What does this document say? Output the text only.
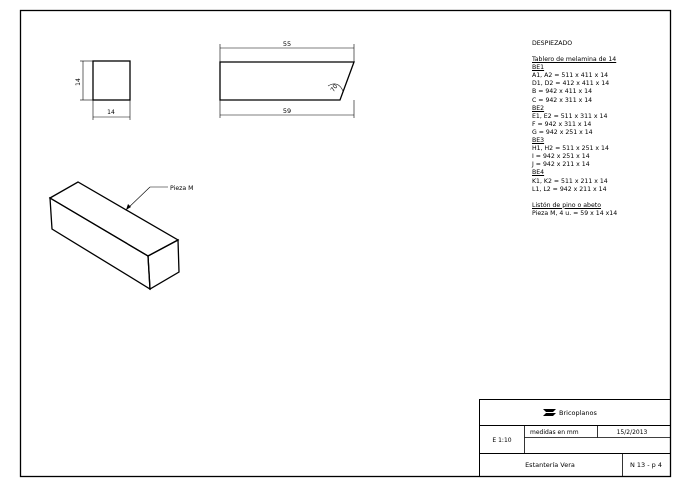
14
14
55
59
70
Pieza M
Bricoplanos
E 1:10
medidas en mm	15/2/2013
Estantería Vera	N 13 - p 4
DESPIEZADO
Tablero de melamina de 14
BE1
A1, A2 = 511 x 411 x 14
D1, D2 = 412 x 411 x 14
B = 942 x 411 x 14
C = 942 x 311 x 14
BE2
E1, E2 = 511 x 311 x 14
F = 942 x 311 x 14
G = 942 x 251 x 14
BE3
H1, H2 = 511 x 251 x 14
I = 942 x 251 x 14
J = 942 x 211 x 14
BE4
K1, K2 = 511 x 211 x 14
L1, L2 = 942 x 211 x 14
Listón de pino o abeto
Pieza M, 4 u. = 59 x 14 x14
